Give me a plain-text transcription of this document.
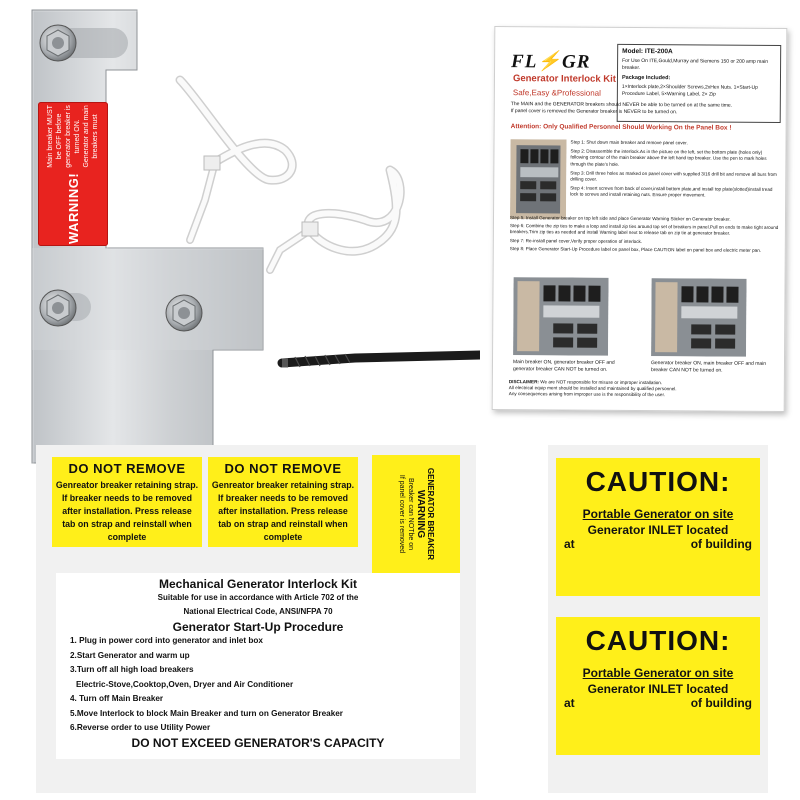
WARNING!
Main breaker MUST be OFF before generator breaker is turned ON. Generator and main breakers must
FL⚡GR
Generator Interlock Kit
Safe,Easy &Professional
Model: ITE-200A
For Use On ITE,Gould,Murray and Siemens 150 or 200 amp main breaker.
Package Included:
1×Interlock plate,2×Shoulder Screws,2xHex Nuts. 1×Start-Up Procedure Label, 5×Warning Label, 2× Zip
The MAIN and the GENERATOR breakers should NEVER be able to be turned on at the same time.
If panel cover is removed the Generator breaker is NEVER to be turned on.
Attention: Only Qualified Personnel Should Working On the Panel Box !

Step 1: Shut down main breaker and remove panel cover.

Step 2: Disassemble the interlock.As in the picture on the left, set the bottom plate (holes only) following contour of the main breaker above the left hand top breaker. Use the pen to mark holes through the plate's hole.

Step 3: Drill three holes as marked on panel cover with supplied 3/16 drill bit and remove all burs from drilling cover.

Step 4: Insert screws from back of cover,install bottom plate,and install top plate(slotted)install tread lock to screws and install retaining nuts. Ensure proper movement.

Step 5: Install Generator breaker on top left side and place Generator Warning Sticker on Generator breaker.

Step 6: Combine the zip ties to make a loop and install zip ties around top set of breakers in panel.Pull on ends to make tight around breakers.Trim zip ties as needed and install Warning label next to release tab on zip tie at generator breaker.

Step 7: Re-install panel cover,Verify proper operation of interlock.

Step 8: Place Generator Start-Up Procedure label on panel box, Place CAUTION label on panel box and electric meter pan.

Main breaker ON, generator breaker OFF and generator breaker CAN NOT be turned on.
Generator breaker ON, main breaker OFF and main breaker CAN NOT be turned on.
DISCLAIMER: We are NOT responsible for misuse or improper installation.
All electrical equip ment should be installed and maintained by qualified personnel.
Any consequences arising from improper use is the responsibility of the user.
DO NOT REMOVE
Genreator breaker retaining strap. If breaker needs to be removed after installation. Press release tab on strap and reinstall when complete
DO NOT REMOVE
Genreator breaker retaining strap. If breaker needs to be removed after installation. Press release tab on strap and reinstall when complete	GENERATOR BREAKER
WARNING
Breaker can NOTbe on
If panel cover is removed
Mechanical Generator Interlock Kit
Suitable for use in accordance with Article 702 of the
National Electrical Code, ANSI/NFPA 70
Generator Start-Up Procedure
1. Plug in power cord into generator and inlet box
2.Start Generator and warm up
3.Turn off all high load breakers
Electric-Stove,Cooktop,Oven, Dryer and Air Conditioner
4. Turn off Main Breaker
5.Move Interlock to block Main Breaker and turn on Generator Breaker
6.Reverse order to use Utility Power
DO NOT EXCEED GENERATOR'S CAPACITY
CAUTION:
Portable Generator on site
Generator INLET located
at	of building
CAUTION:
Portable Generator on site
Generator INLET located
at	of building
